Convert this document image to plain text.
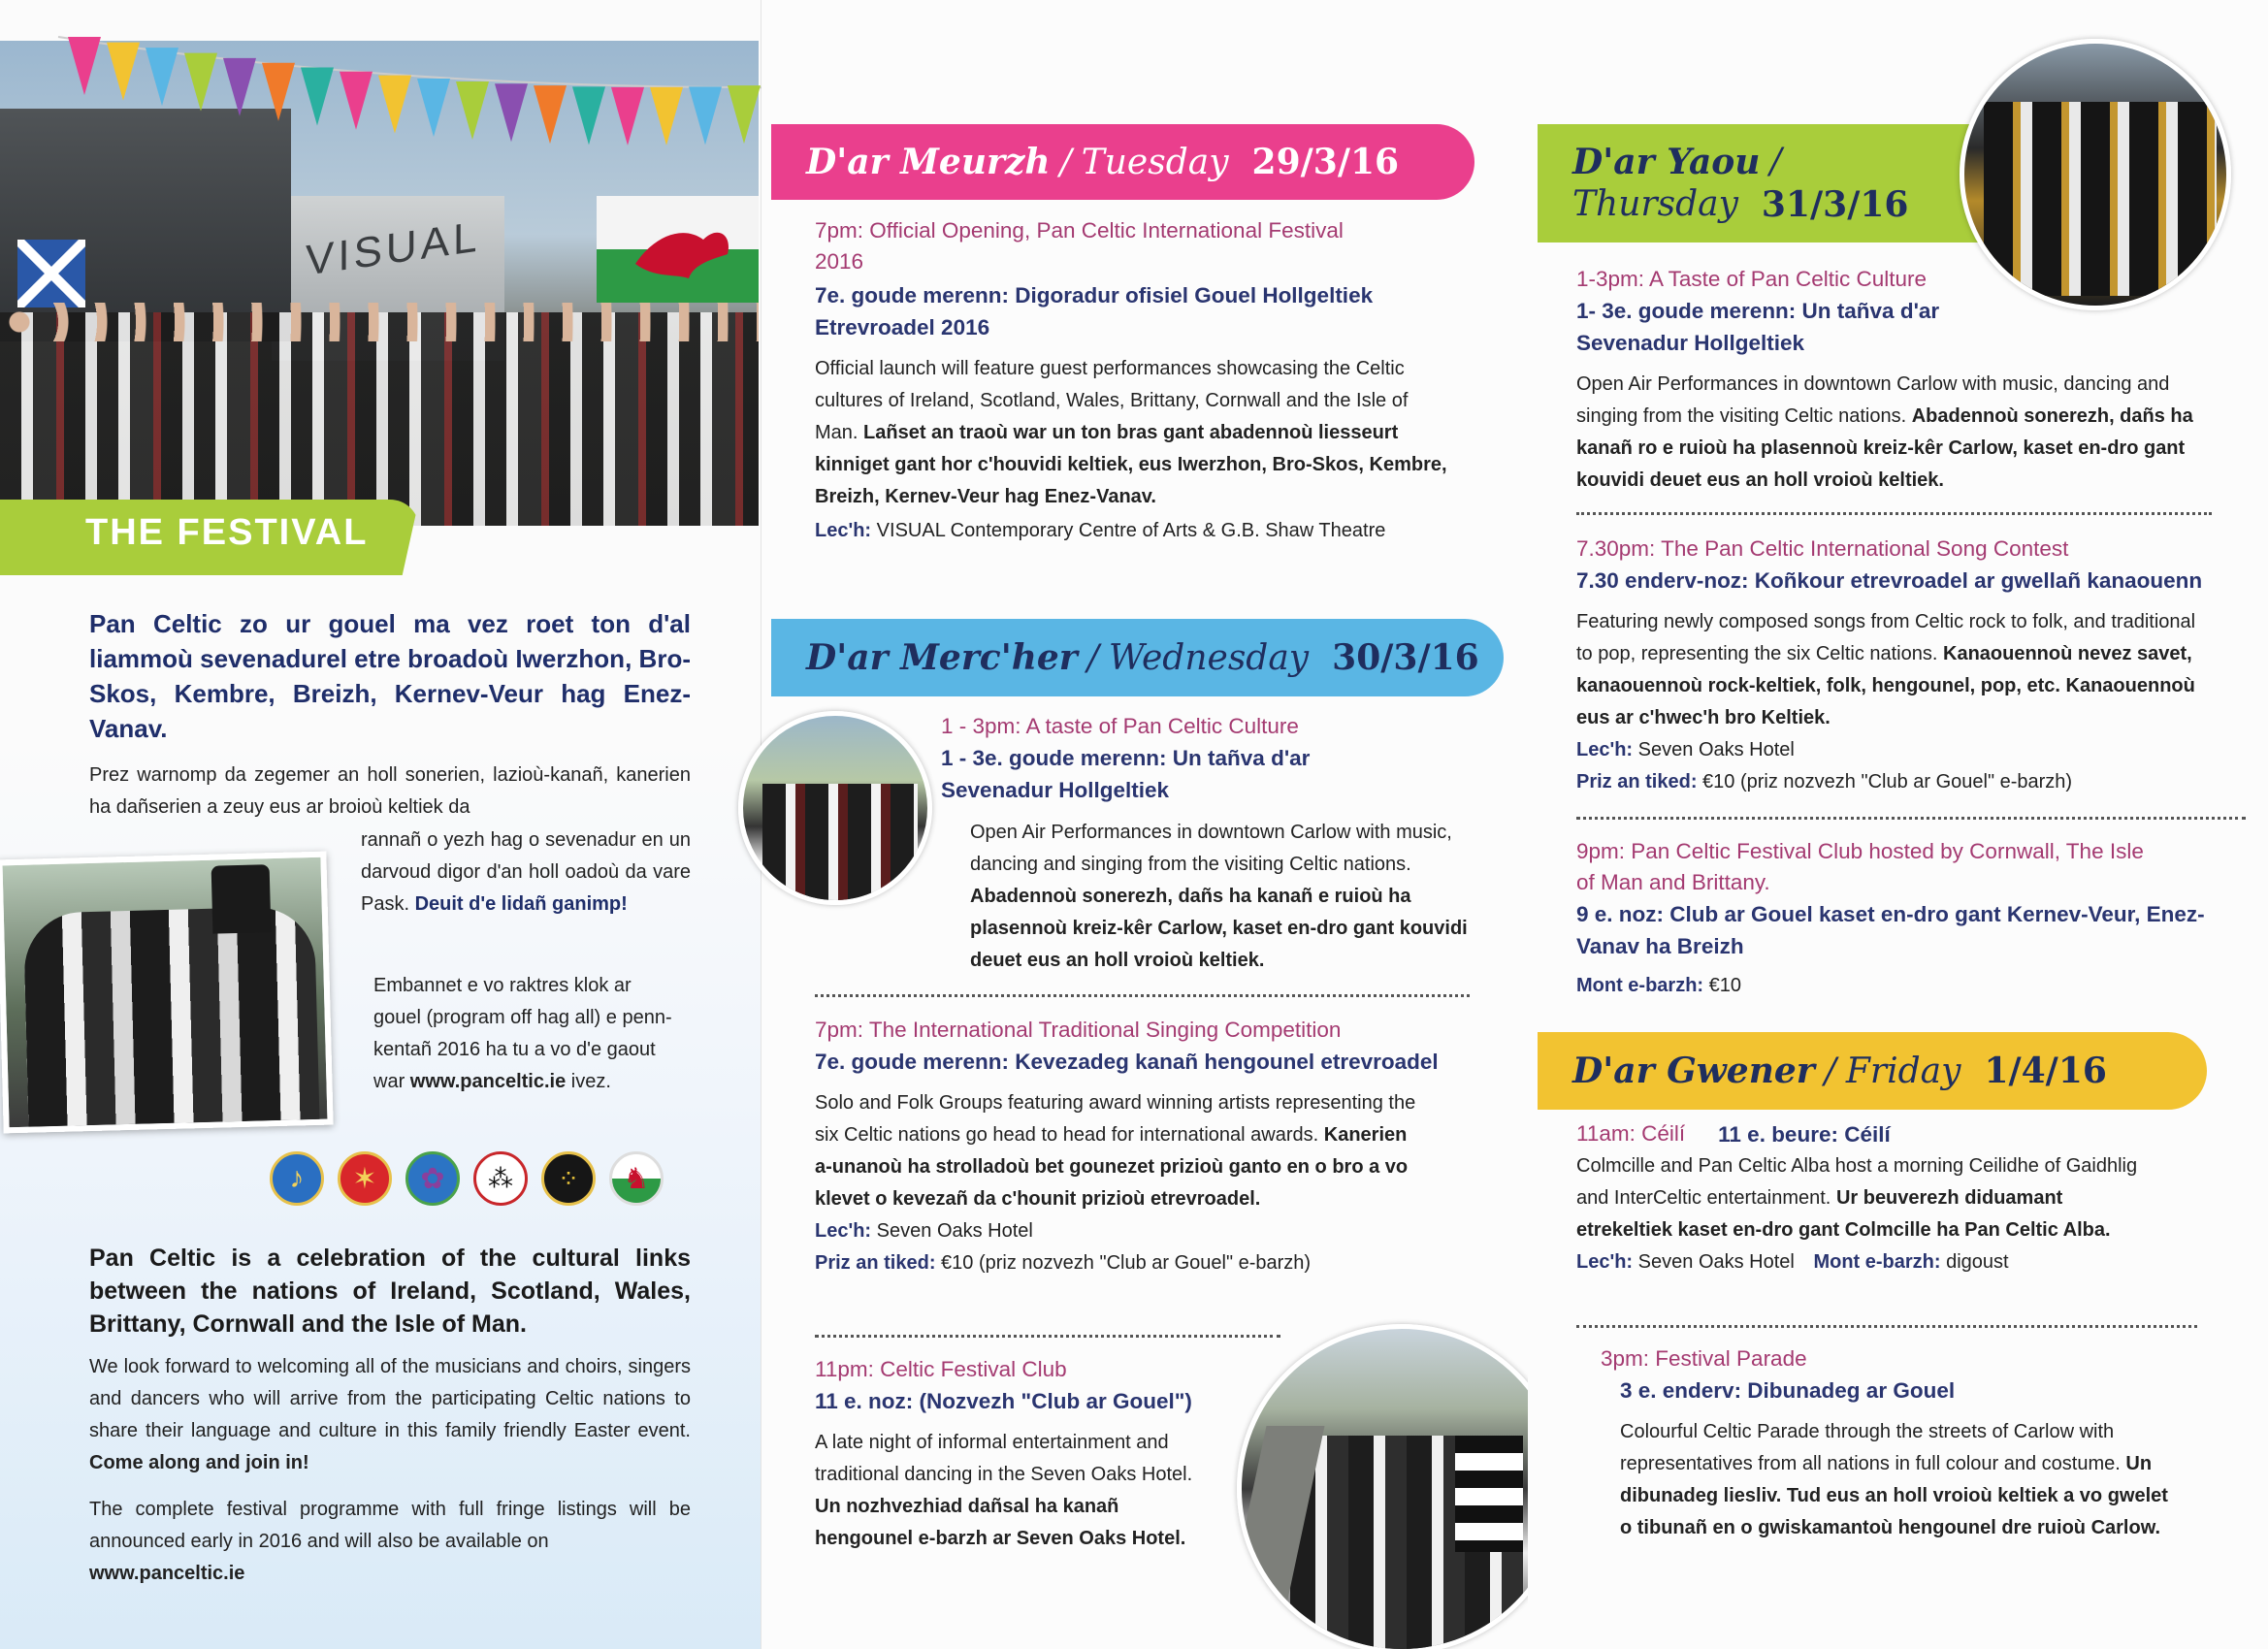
VISUAL
THE FESTIVAL
Pan Celtic zo ur gouel ma vez roet ton d'al liammoù sevenadurel etre broadoù Iwerzhon, Bro-Skos, Kembre, Breizh, Kernev-Veur hag Enez-Vanav.
Prez warnomp da zegemer an holl sonerien, lazioù-kanañ, kanerien ha dañserien a zeuy eus ar broioù keltiek da
rannañ o yezh hag o sevenadur en un darvoud digor d'an holl oadoù da vare Pask. Deuit d'e lidañ ganimp!
Embannet e vo raktres klok ar gouel (program off hag all) e penn-kentañ 2016 ha tu a vo d'e gaout war www.panceltic.ie ivez.
♪	✶	✿	⁂	⁘	♞
Pan Celtic is a celebration of the cultural links between the nations of Ireland, Scotland, Wales, Brittany, Cornwall and the Isle of Man.
We look forward to welcoming all of the musicians and choirs, singers and dancers who will arrive from the participating Celtic nations to share their language and culture in this family friendly Easter event. Come along and join in!
The complete festival programme with full fringe listings will be announced early in 2016 and will also be available on
www.panceltic.ie
D'ar Meurzh / Tuesday 29/3/16
7pm: Official Opening, Pan Celtic International Festival 2016
7e. goude merenn: Digoradur ofisiel Gouel Hollgeltiek Etrevroadel 2016
Official launch will feature guest performances showcasing the Celtic cultures of Ireland, Scotland, Wales, Brittany, Cornwall and the Isle of Man. Lañset an traoù war un ton bras gant abadennoù liesseurt kinniget gant hor c'houvidi keltiek, eus Iwerzhon, Bro-Skos, Kembre, Breizh, Kernev-Veur hag Enez-Vanav.
Lec'h: VISUAL Contemporary Centre of Arts & G.B. Shaw Theatre
D'ar Merc'her / Wednesday 30/3/16
1 - 3pm: A taste of Pan Celtic Culture
1 - 3e. goude merenn: Un tañva d'ar Sevenadur Hollgeltiek
Open Air Performances in downtown Carlow with music, dancing and singing from the visiting Celtic nations. Abadennoù sonerezh, dañs ha kanañ e ruioù ha plasennoù kreiz-kêr Carlow, kaset en-dro gant kouvidi deuet eus an holl vroioù keltiek.
7pm: The International Traditional Singing Competition
7e. goude merenn: Kevezadeg kanañ hengounel etrevroadel
Solo and Folk Groups featuring award winning artists representing the six Celtic nations go head to head for international awards. Kanerien a-unanoù ha strolladoù bet gounezet prizioù ganto en o bro a vo klevet o kevezañ da c'hounit prizioù etrevroadel.
Lec'h: Seven Oaks Hotel
Priz an tiked: €10 (priz nozvezh "Club ar Gouel" e-barzh)
11pm: Celtic Festival Club
11 e. noz: (Nozvezh "Club ar Gouel")
A late night of informal entertainment and traditional dancing in the Seven Oaks Hotel. Un nozhvezhiad dañsal ha kanañ hengounel e-barzh ar Seven Oaks Hotel.
D'ar Yaou /
Thursday 31/3/16
1-3pm: A Taste of Pan Celtic Culture
1- 3e. goude merenn: Un tañva d'ar Sevenadur Hollgeltiek
Open Air Performances in downtown Carlow with music, dancing and singing from the visiting Celtic nations. Abadennoù sonerezh, dañs ha kanañ ro e ruioù ha plasennoù kreiz-kêr Carlow, kaset en-dro gant kouvidi deuet eus an holl vroioù keltiek.
7.30pm: The Pan Celtic International Song Contest
7.30 enderv-noz: Koñkour etrevroadel ar gwellañ kanaouenn
Featuring newly composed songs from Celtic rock to folk, and traditional to pop, representing the six Celtic nations. Kanaouennoù nevez savet, kanaouennoù rock-keltiek, folk, hengounel, pop, etc. Kanaouennoù eus ar c'hwec'h bro Keltiek.
Lec'h: Seven Oaks Hotel
Priz an tiked: €10 (priz nozvezh "Club ar Gouel" e-barzh)
9pm: Pan Celtic Festival Club hosted by Cornwall, The Isle of Man and Brittany.
9 e. noz: Club ar Gouel kaset en-dro gant Kernev-Veur, Enez-Vanav ha Breizh
Mont e-barzh: €10
D'ar Gwener / Friday 1/4/16
11am: Céilí 11 e. beure: Céilí
Colmcille and Pan Celtic Alba host a morning Ceilidhe of Gaidhlig and InterCeltic entertainment. Ur beuverezh diduamant etrekeltiek kaset en-dro gant Colmcille ha Pan Celtic Alba.
Lec'h: Seven Oaks Hotel Mont e-barzh: digoust
3pm: Festival Parade
3 e. enderv: Dibunadeg ar Gouel
Colourful Celtic Parade through the streets of Carlow with representatives from all nations in full colour and costume. Un dibunadeg liesliv. Tud eus an holl vroioù keltiek a vo gwelet o tibunañ en o gwiskamantoù hengounel dre ruioù Carlow.
